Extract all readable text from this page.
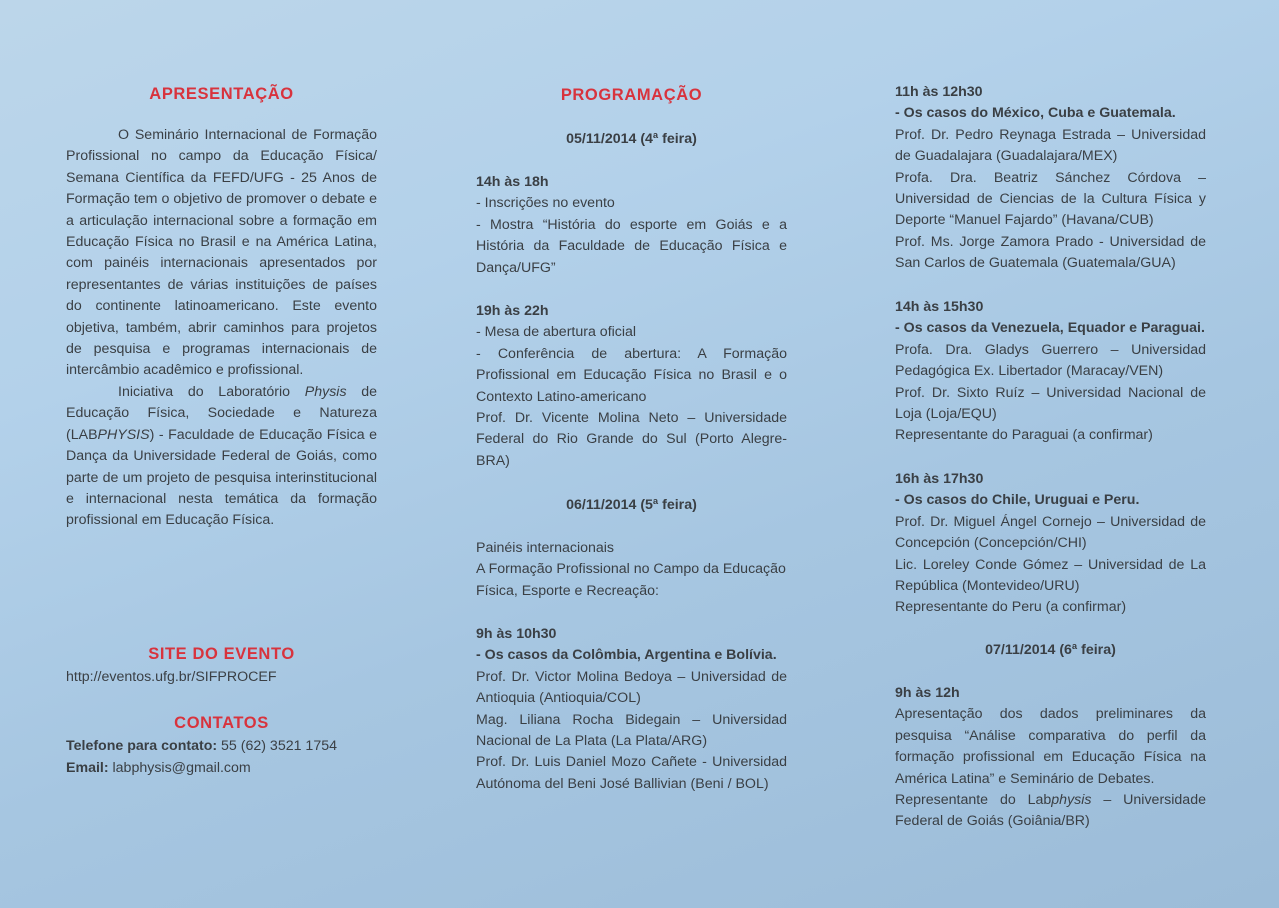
APRESENTAÇÃO

O Seminário Internacional de Formação Profissional no campo da Educação Física/ Semana Científica da FEFD/UFG - 25 Anos de Formação tem o objetivo de promover o debate e a articulação internacional sobre a formação em Educação Física no Brasil e na América Latina, com painéis internacionais apresentados por representantes de várias instituições de países do continente latinoamericano. Este evento objetiva, também, abrir caminhos para projetos de pesquisa e programas internacionais de intercâmbio acadêmico e profissional.

Iniciativa do Laboratório Physis de Educação Física, Sociedade e Natureza (LABPHYSIS) - Faculdade de Educação Física e Dança da Universidade Federal de Goiás, como parte de um projeto de pesquisa interinstitucional e internacional nesta temática da formação profissional em Educação Física.

SITE DO EVENTO
http://eventos.ufg.br/SIFPROCEF
CONTATOS
Telefone para contato: 55 (62) 3521 1754
Email: labphysis@gmail.com
PROGRAMAÇÃO
05/11/2014 (4ª feira)

14h às 18h

- Inscrições no evento

- Mostra “História do esporte em Goiás e a História da Faculdade de Educação Física e Dança/UFG”

19h às 22h

- Mesa de abertura oficial

- Conferência de abertura: A Formação Profissional em Educação Física no Brasil e o Contexto Latino-americano

Prof. Dr. Vicente Molina Neto – Universidade Federal do Rio Grande do Sul (Porto Alegre-BRA)

06/11/2014 (5ª feira)

Painéis internacionais

A Formação Profissional no Campo da Educação Física, Esporte e Recreação:

9h às 10h30

- Os casos da Colômbia, Argentina e Bolívia.

Prof. Dr. Victor Molina Bedoya – Universidad de Antioquia (Antioquia/COL)

Mag. Liliana Rocha Bidegain – Universidad Nacional de La Plata (La Plata/ARG)

Prof. Dr. Luis Daniel Mozo Cañete - Universidad Autónoma del Beni José Ballivian (Beni / BOL)

11h às 12h30

- Os casos do México, Cuba e Guatemala.

Prof. Dr. Pedro Reynaga Estrada – Universidad de Guadalajara (Guadalajara/MEX)

Profa. Dra. Beatriz Sánchez Córdova – Universidad de Ciencias de la Cultura Física y Deporte “Manuel Fajardo” (Havana/CUB)

Prof. Ms. Jorge Zamora Prado - Universidad de San Carlos de Guatemala (Guatemala/GUA)

14h às 15h30

- Os casos da Venezuela, Equador e Paraguai.

Profa. Dra. Gladys Guerrero – Universidad Pedagógica Ex. Libertador (Maracay/VEN)

Prof. Dr. Sixto Ruíz – Universidad Nacional de Loja (Loja/EQU)

Representante do Paraguai (a confirmar)

16h às 17h30

- Os casos do Chile, Uruguai e Peru.

Prof. Dr. Miguel Ángel Cornejo – Universidad de Concepción (Concepción/CHI)

Lic. Loreley Conde Gómez – Universidad de La República (Montevideo/URU)

Representante do Peru (a confirmar)

07/11/2014 (6ª feira)

9h às 12h

Apresentação dos dados preliminares da pesquisa “Análise comparativa do perfil da formação profissional em Educação Física na América Latina” e Seminário de Debates.

Representante do Labphysis – Universidade Federal de Goiás (Goiânia/BR)
